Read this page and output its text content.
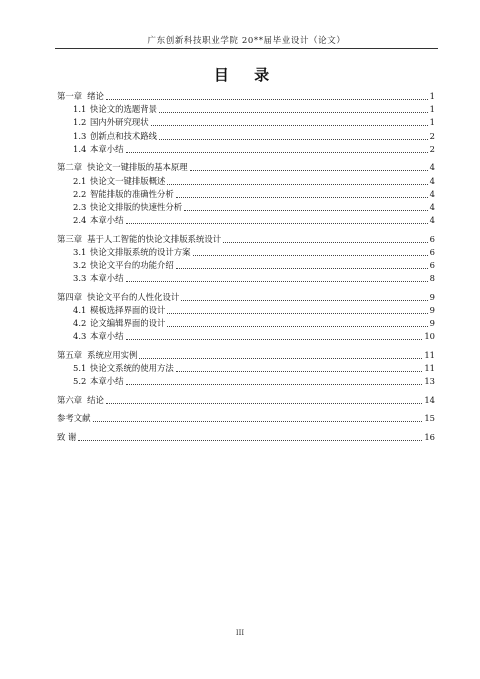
广东创新科技职业学院 20**届毕业设计（论文）
目 录
第一章 绪论	1
1.1 快论文的选题背景	1
1.2 国内外研究现状	1
1.3 创新点和技术路线	2
1.4 本章小结	2
第二章 快论文一键排版的基本原理	4
2.1 快论文一键排版概述	4
2.2 智能排版的准确性分析	4
2.3 快论文排版的快速性分析	4
2.4 本章小结	4
第三章 基于人工智能的快论文排版系统设计	6
3.1 快论文排版系统的设计方案	6
3.2 快论文平台的功能介绍	6
3.3 本章小结	8
第四章 快论文平台的人性化设计	9
4.1 模板选择界面的设计	9
4.2 论文编辑界面的设计	9
4.3 本章小结	10
第五章 系统应用实例	11
5.1 快论文系统的使用方法	11
5.2 本章小结	13
第六章 结论	14
参考文献	15
致 谢	16
III
